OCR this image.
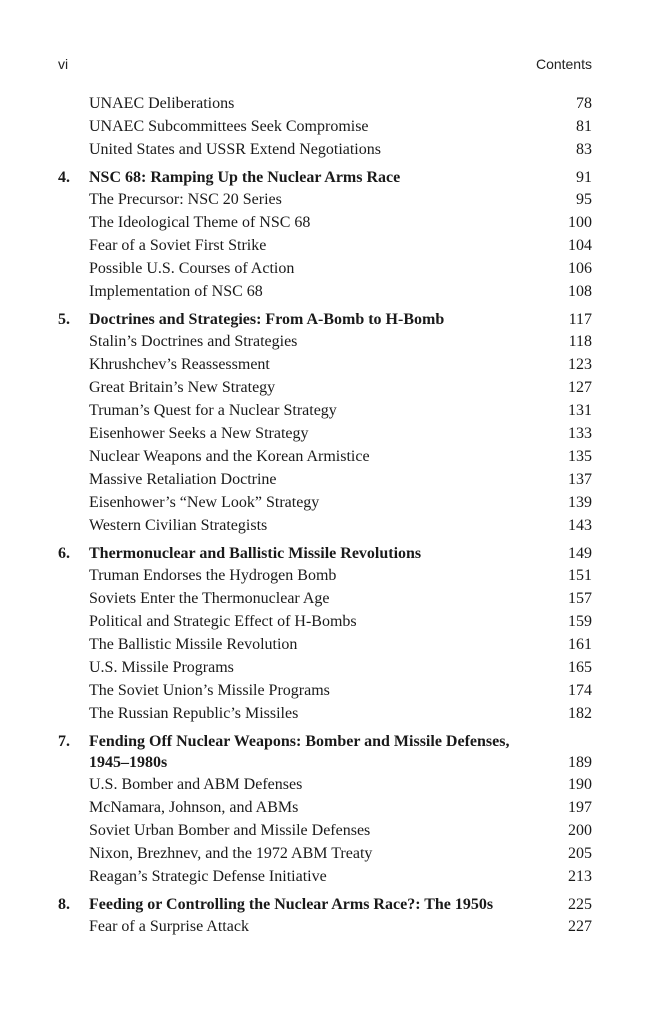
vi	Contents
UNAEC Deliberations	78
UNAEC Subcommittees Seek Compromise	81
United States and USSR Extend Negotiations	83
4. NSC 68: Ramping Up the Nuclear Arms Race	91
The Precursor: NSC 20 Series	95
The Ideological Theme of NSC 68	100
Fear of a Soviet First Strike	104
Possible U.S. Courses of Action	106
Implementation of NSC 68	108
5. Doctrines and Strategies: From A-Bomb to H-Bomb	117
Stalin’s Doctrines and Strategies	118
Khrushchev’s Reassessment	123
Great Britain’s New Strategy	127
Truman’s Quest for a Nuclear Strategy	131
Eisenhower Seeks a New Strategy	133
Nuclear Weapons and the Korean Armistice	135
Massive Retaliation Doctrine	137
Eisenhower’s “New Look” Strategy	139
Western Civilian Strategists	143
6. Thermonuclear and Ballistic Missile Revolutions	149
Truman Endorses the Hydrogen Bomb	151
Soviets Enter the Thermonuclear Age	157
Political and Strategic Effect of H-Bombs	159
The Ballistic Missile Revolution	161
U.S. Missile Programs	165
The Soviet Union’s Missile Programs	174
The Russian Republic’s Missiles	182
7. Fending Off Nuclear Weapons: Bomber and Missile Defenses, 1945–1980s	189
U.S. Bomber and ABM Defenses	190
McNamara, Johnson, and ABMs	197
Soviet Urban Bomber and Missile Defenses	200
Nixon, Brezhnev, and the 1972 ABM Treaty	205
Reagan’s Strategic Defense Initiative	213
8. Feeding or Controlling the Nuclear Arms Race?: The 1950s	225
Fear of a Surprise Attack	227
